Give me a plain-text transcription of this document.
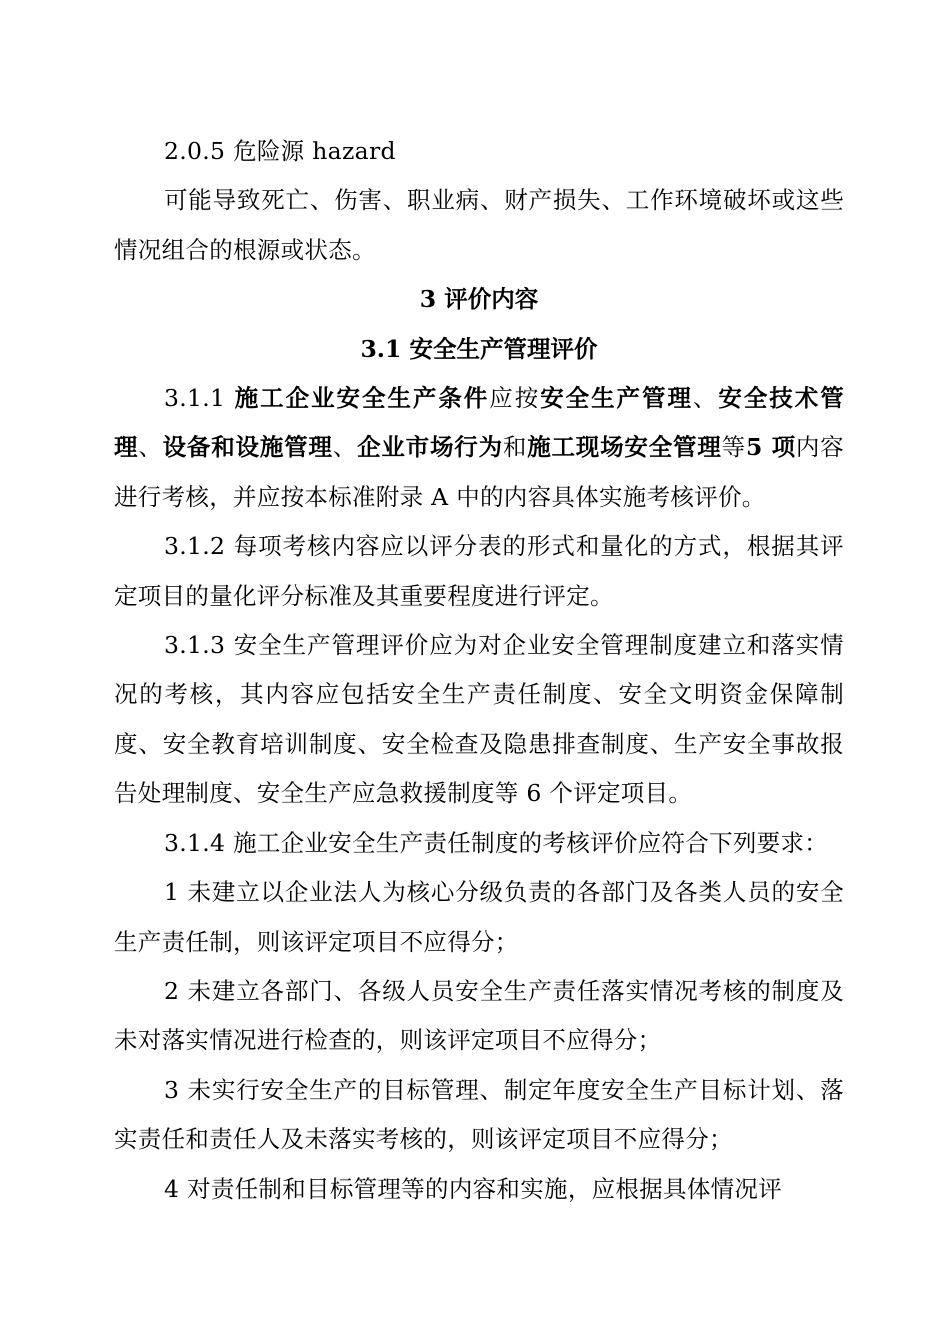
2.0.5 危险源 hazard

可能导致死亡、伤害、职业病、财产损失、工作环境破坏或这些情况组合的根源或状态。

3 评价内容

3.1 安全生产管理评价

3.1.1 施工企业安全生产条件应按安全生产管理、安全技术管理、设备和设施管理、企业市场行为和施工现场安全管理等5 项内容进行考核，并应按本标准附录 A 中的内容具体实施考核评价。

3.1.2 每项考核内容应以评分表的形式和量化的方式，根据其评定项目的量化评分标准及其重要程度进行评定。

3.1.3 安全生产管理评价应为对企业安全管理制度建立和落实情况的考核，其内容应包括安全生产责任制度、安全文明资金保障制度、安全教育培训制度、安全检查及隐患排查制度、生产安全事故报告处理制度、安全生产应急救援制度等 6 个评定项目。

3.1.4 施工企业安全生产责任制度的考核评价应符合下列要求：

1 未建立以企业法人为核心分级负责的各部门及各类人员的安全生产责任制，则该评定项目不应得分；

2 未建立各部门、各级人员安全生产责任落实情况考核的制度及未对落实情况进行检查的，则该评定项目不应得分；

3 未实行安全生产的目标管理、制定年度安全生产目标计划、落实责任和责任人及未落实考核的，则该评定项目不应得分；

4 对责任制和目标管理等的内容和实施，应根据具体情况评
